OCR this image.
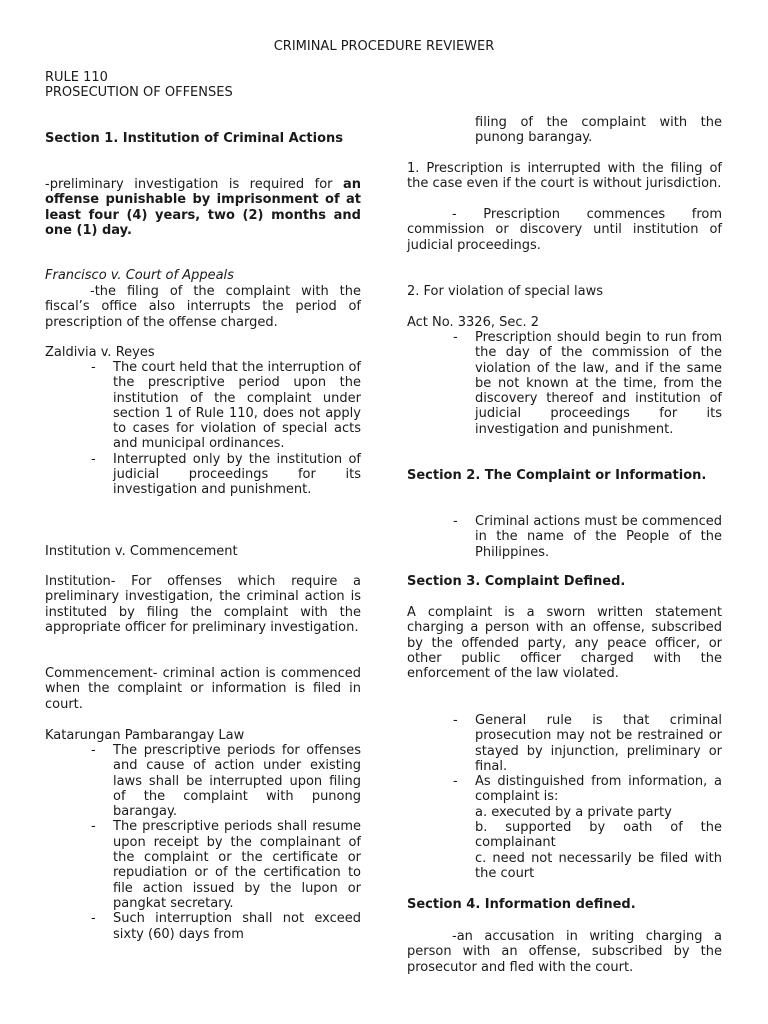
CRIMINAL PROCEDURE REVIEWER

RULE 110

PROSECUTION OF OFFENSES

Section 1. Institution of Criminal Actions

-preliminary investigation is required for an offense punishable by imprisonment of at least four (4) years, two (2) months and one (1) day.

Francisco v. Court of Appeals

-the filing of the complaint with the fiscal’s office also interrupts the period of prescription of the offense charged.

Zaldivia v. Reyes

- The court held that the interruption of the prescriptive period upon the institution of the complaint under section 1 of Rule 110, does not apply to cases for violation of special acts and municipal ordinances.
- Interrupted only by the institution of judicial proceedings for its investigation and punishment.

Institution v. Commencement

Institution- For offenses which require a preliminary investigation, the criminal action is instituted by filing the complaint with the appropriate officer for preliminary investigation.

Commencement- criminal action is commenced when the complaint or information is filed in court.

Katarungan Pambarangay Law

- The prescriptive periods for offenses and cause of action under existing laws shall be interrupted upon filing of the complaint with punong barangay.
- The prescriptive periods shall resume upon receipt by the complainant of the complaint or the certificate or repudiation or of the certification to file action issued by the lupon or pangkat secretary.
- Such interruption shall not exceed sixty (60) days from

filing of the complaint with the punong barangay.

1. Prescription is interrupted with the filing of the case even if the court is without jurisdiction.

- Prescription commences from commission or discovery until institution of judicial proceedings.

2. For violation of special laws

Act No. 3326, Sec. 2

- Prescription should begin to run from the day of the commission of the violation of the law, and if the same be not known at the time, from the discovery thereof and institution of judicial proceedings for its investigation and punishment.

Section 2. The Complaint or Information.

- Criminal actions must be commenced in the name of the People of the Philippines.

Section 3. Complaint Defined.

A complaint is a sworn written statement charging a person with an offense, subscribed by the offended party, any peace officer, or other public officer charged with the enforcement of the law violated.

- General rule is that criminal prosecution may not be restrained or stayed by injunction, preliminary or final.
- As distinguished from information, a complaint is:
a. executed by a private party
b. supported by oath of the complainant
c. need not necessarily be filed with the court

Section 4. Information defined.

-an accusation in writing charging a person with an offense, subscribed by the prosecutor and fled with the court.
